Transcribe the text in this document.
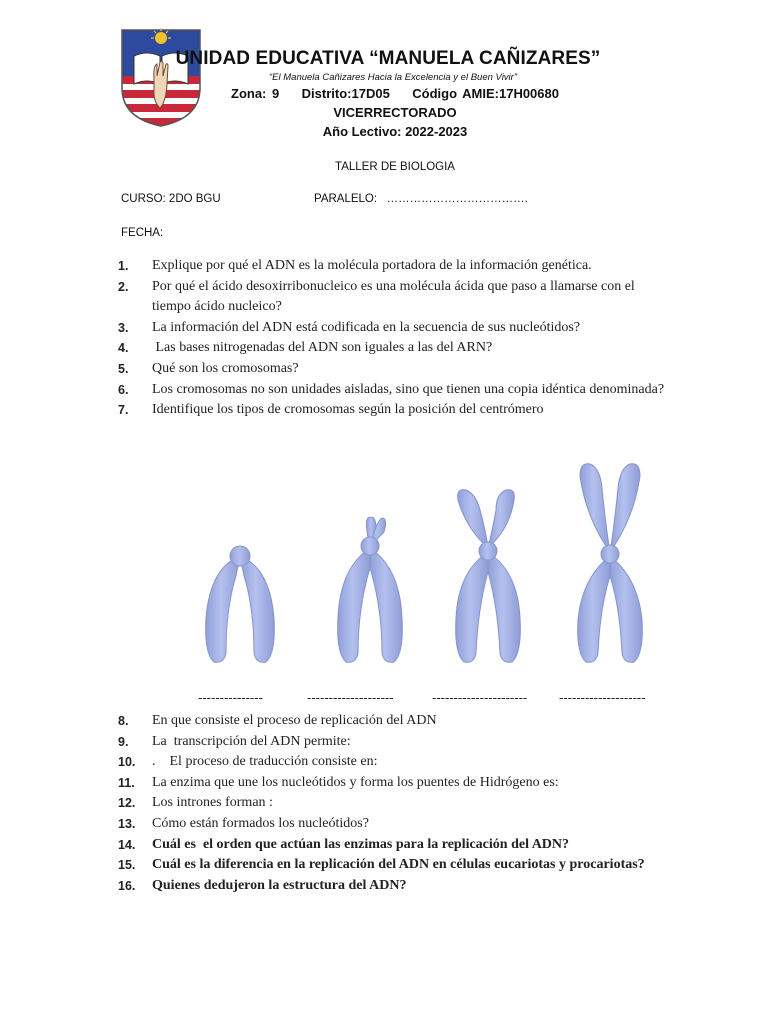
UNIDAD EDUCATIVA “MANUELA CAÑIZARES”
“El Manuela Cañizares Hacia la Excelencia y el Buen Vivir”
Zona: 9    Distrito:17D05    Código AMIE:17H00680
VICERRECTORADO
Año Lectivo: 2022-2023
TALLER DE BIOLOGIA
CURSO: 2DO BGU	PARALELO:   ……………………………….
FECHA:
1.	Explique por qué el ADN es la molécula portadora de la información genética.
2.	Por qué el ácido desoxirribonucleico es una molécula ácida que paso a llamarse con el tiempo ácido nucleico?
3.	La información del ADN está codificada en la secuencia de sus nucleótidos?
4.	Las bases nitrogenadas del ADN son iguales a las del ARN?
5.	Qué son los cromosomas?
6.	Los cromosomas no son unidades aisladas, sino que tienen una copia idéntica denominada?
7.	Identifique los tipos de cromosomas según la posición del centrómero
---------------	--------------------	---------------------- --------------------
8.	En que consiste el proceso de replicación del ADN
9.	La  transcripción del ADN permite:
10.	.    El proceso de traducción consiste en:
11.	La enzima que une los nucleótidos y forma los puentes de Hidrógeno es:
12.	Los intrones forman :
13.	Cómo están formados los nucleótidos?
14.	Cuál es  el orden que actúan las enzimas para la replicación del ADN?
15.	Cuál es la diferencia en la replicación del ADN en células eucariotas y procariotas?
16.	Quienes dedujeron la estructura del ADN?
